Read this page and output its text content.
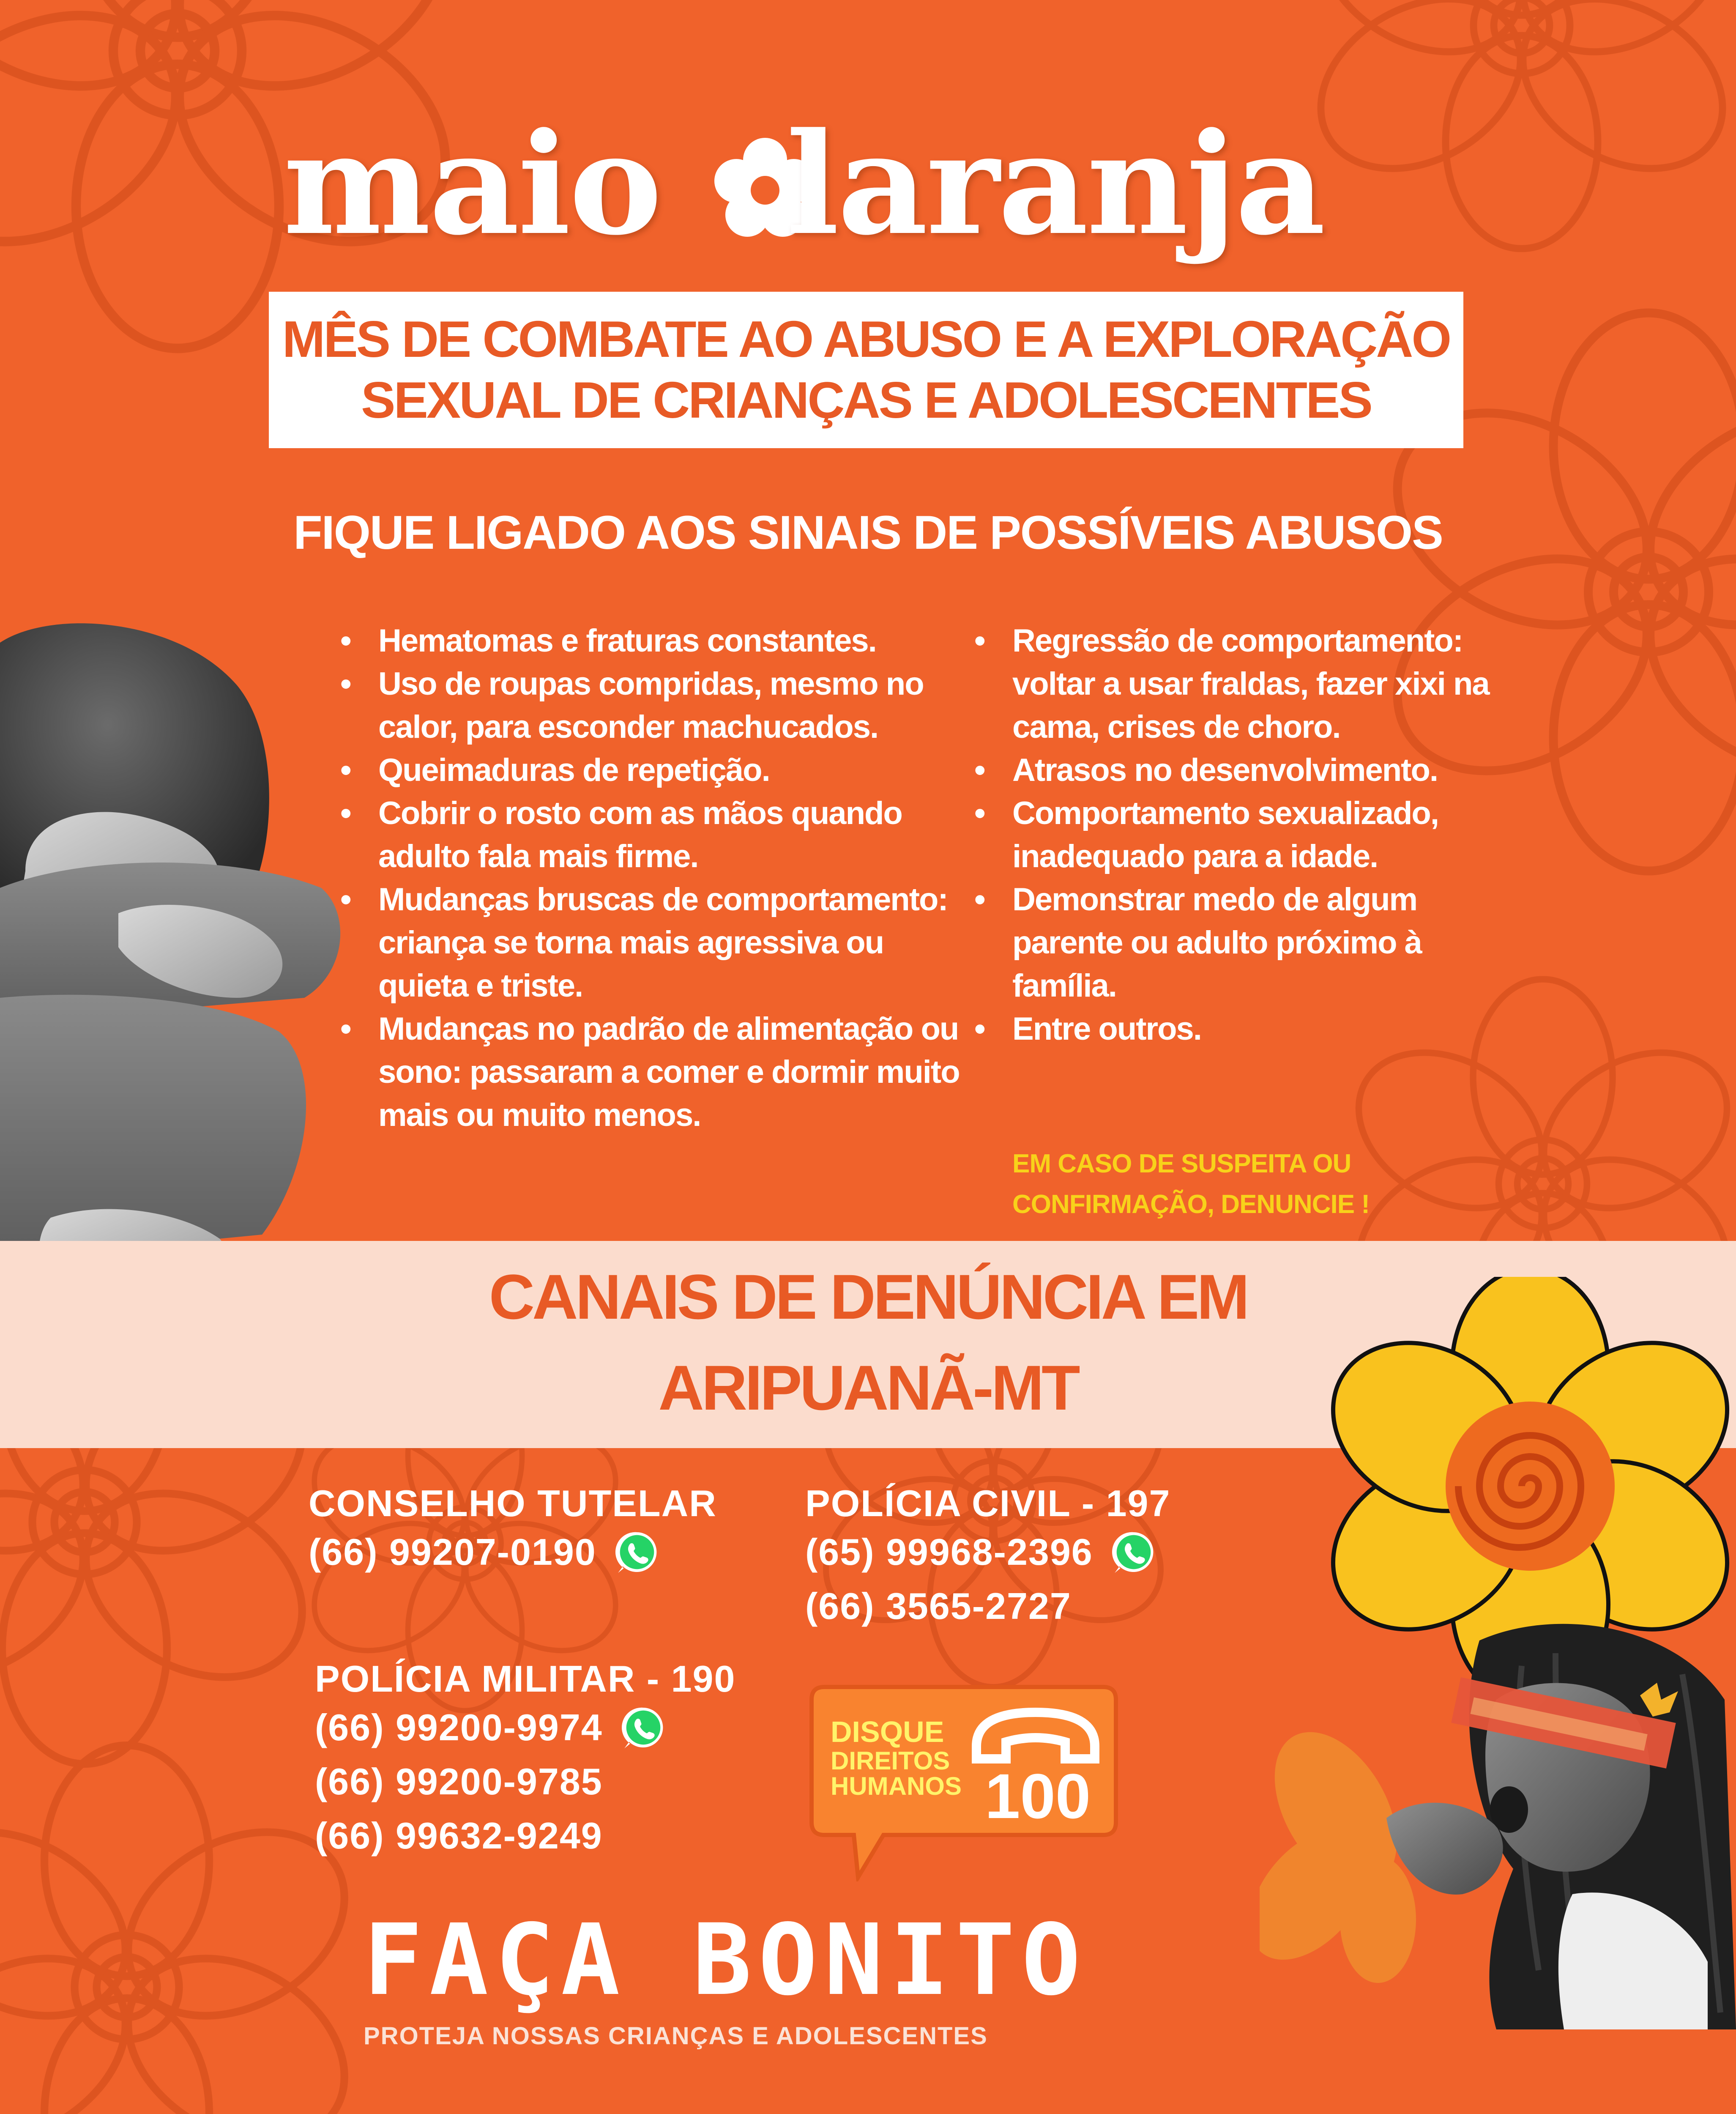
maio laranja
MÊS DE COMBATE AO ABUSO E A EXPLORAÇÃO
SEXUAL DE CRIANÇAS E ADOLESCENTES
FIQUE LIGADO AOS SINAIS DE POSSÍVEIS ABUSOS
• Hematomas e fraturas constantes.
• Uso de roupas compridas, mesmo no calor, para esconder machucados.
• Queimaduras de repetição.
• Cobrir o rosto com as mãos quando adulto fala mais firme.
• Mudanças bruscas de comportamento: criança se torna mais agressiva ou quieta e triste.
• Mudanças no padrão de alimentação ou sono: passaram a comer e dormir muito mais ou muito menos.
• Regressão de comportamento: voltar a usar fraldas, fazer xixi na cama, crises de choro.
• Atrasos no desenvolvimento.
• Comportamento sexualizado, inadequado para a idade.
• Demonstrar medo de algum parente ou adulto próximo à família.
• Entre outros.
EM CASO DE SUSPEITA OU
CONFIRMAÇÃO, DENUNCIE !
CANAIS DE DENÚNCIA EM
ARIPUANÃ-MT
CONSELHO TUTELAR
(66) 99207-0190
POLÍCIA CIVIL - 197
(65) 99968-2396
(66) 3565-2727
POLÍCIA MILITAR - 190
(66) 99200-9974
(66) 99200-9785
(66) 99632-9249
DISQUE
DIREITOS
HUMANOS 100
FAÇA BONITO
PROTEJA NOSSAS CRIANÇAS E ADOLESCENTES
